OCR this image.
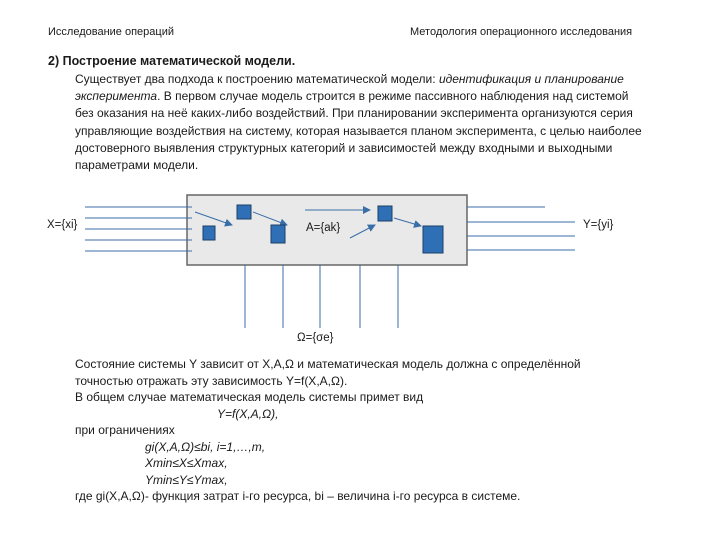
Исследование операций	Методология операционного исследования
2) Построение математической модели.

Существует два подхода к построению математической модели: идентификация и планирование

эксперимента. В первом случае модель строится в режиме пассивного наблюдения над системой

без оказания на неё каких-либо воздействий. При планировании эксперимента организуются серия

управляющие воздействия на систему, которая называется планом эксперимента, с целью наиболее

достоверного выявления структурных категорий и зависимостей между входными и выходными

параметрами модели.

X={xi}	Y={yi}
A={ak}
Ω={σe}
Состояние системы Y зависит от X,A,Ω и математическая модель должна с определённой
точностью отражать эту зависимость Y=f(X,A,Ω).
В общем случае математическая модель системы примет вид
Y=f(X,A,Ω),
при ограничениях
gi(X,A,Ω)≤bi, i=1,…,m,
Xmin≤X≤Xmax,
Ymin≤Y≤Ymax,
где gi(X,A,Ω)- функция затрат i-го ресурса, bi – величина i-го ресурса в системе.
